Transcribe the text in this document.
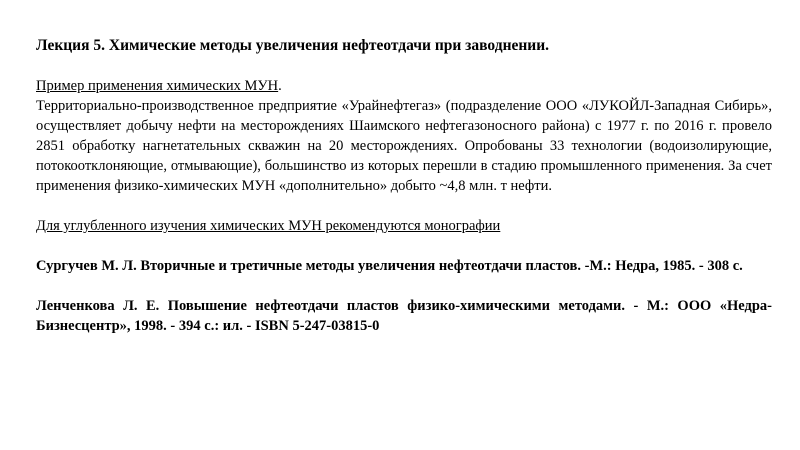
Лекция 5. Химические методы увеличения нефтеотдачи при заводнении.
Пример применения химических МУН.
Территориально-производственное предприятие «Урайнефтегаз» (подразделение ООО «ЛУКОЙЛ-Западная Сибирь», осуществляет добычу нефти на месторождениях Шаимского нефтегазоносного района) с 1977 г. по 2016 г. провело 2851 обработку нагнетательных скважин на 20 месторождениях. Опробованы 33 технологии (водоизолирующие, потокоотклоняющие, отмывающие), большинство из которых перешли в стадию промышленного применения. За счет применения физико-химических МУН «дополнительно» добыто ~4,8 млн. т нефти.
Для углубленного изучения химических МУН рекомендуются монографии
Сургучев М. Л. Вторичные и третичные методы увеличения нефтеотдачи пластов. -М.: Недра, 1985. - 308 с.
Ленченкова Л. Е. Повышение нефтеотдачи пластов физико-химическими методами. - М.: ООО «Недра-Бизнесцентр», 1998. - 394 с.: ил. - ISBN 5-247-03815-0
